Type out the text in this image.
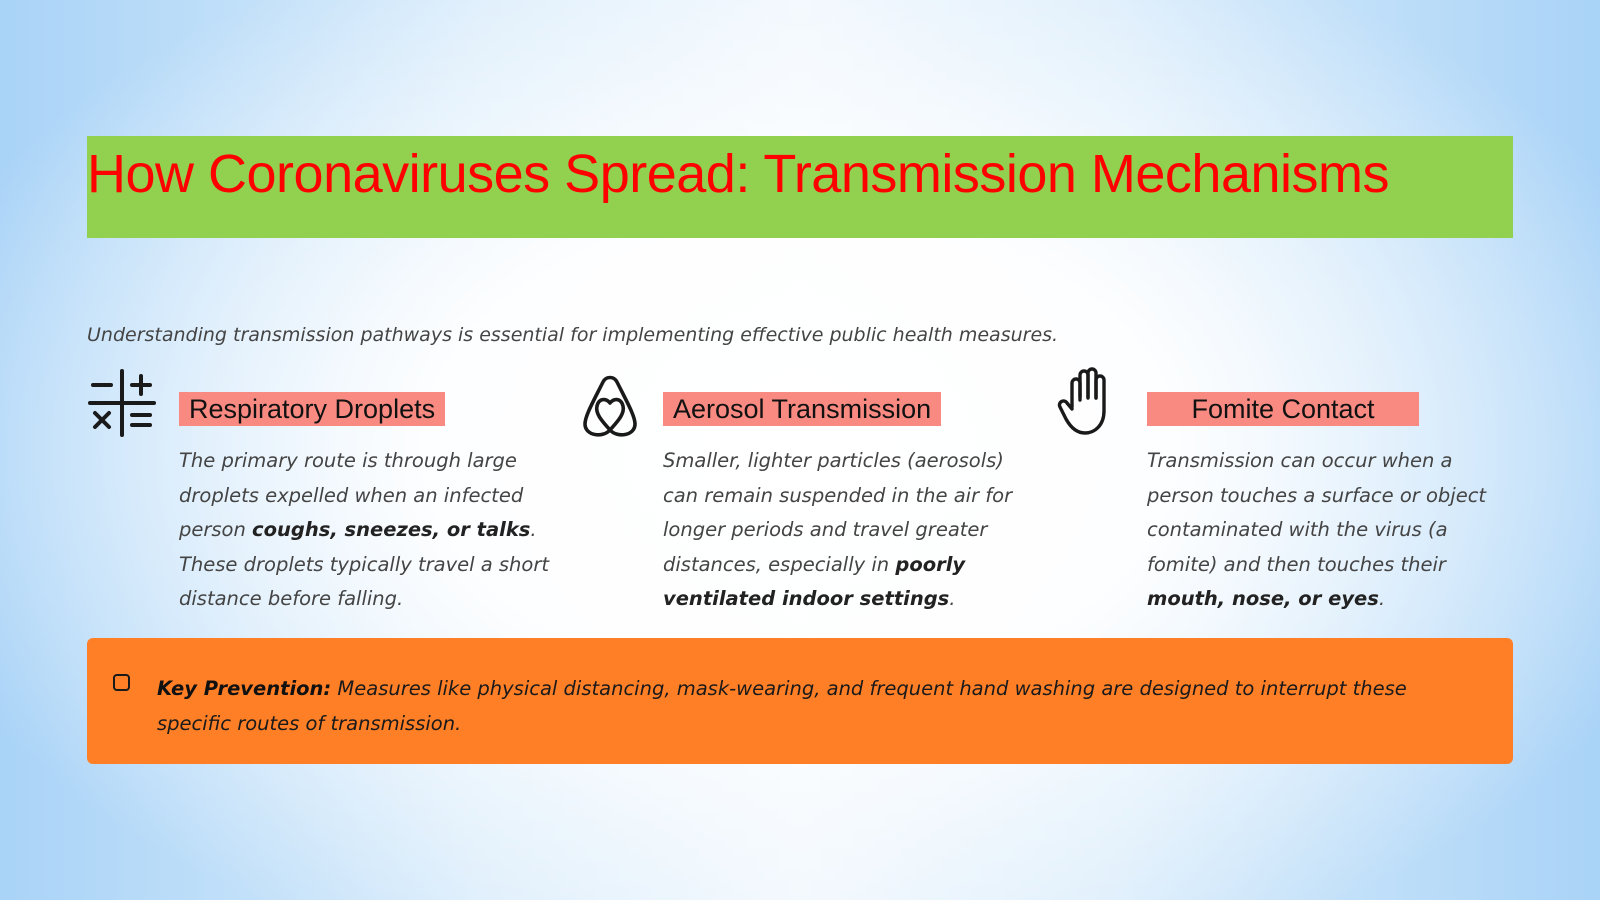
How Coronaviruses Spread: Transmission Mechanisms

Understanding transmission pathways is essential for implementing effective public health measures.

Respiratory Droplets

The primary route is through large droplets expelled when an infected person coughs, sneezes, or talks. These droplets typically travel a short distance before falling.

Aerosol Transmission

Smaller, lighter particles (aerosols) can remain suspended in the air for longer periods and travel greater distances, especially in poorly ventilated indoor settings.

Fomite Contact

Transmission can occur when a person touches a surface or object contaminated with the virus (a fomite) and then touches their mouth, nose, or eyes.

Key Prevention: Measures like physical distancing, mask-wearing, and frequent hand washing are designed to interrupt these specific routes of transmission.
